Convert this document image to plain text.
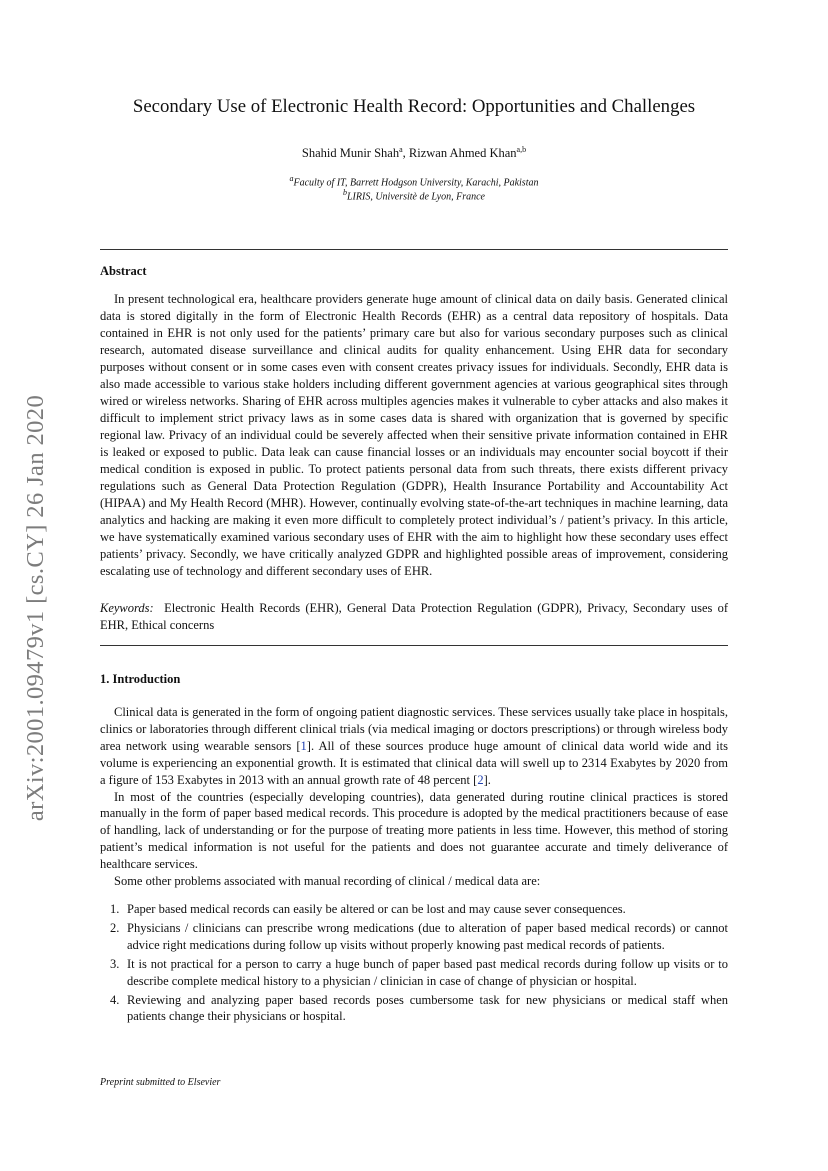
arXiv:2001.09479v1 [cs.CY] 26 Jan 2020
Secondary Use of Electronic Health Record: Opportunities and Challenges
Shahid Munir Shah$^a$, Rizwan Ahmed Khan$^{a,b}$
$^a$Faculty of IT, Barrett Hodgson University, Karachi, Pakistan
$^b$LIRIS, Universitè de Lyon, France
Abstract

In present technological era, healthcare providers generate huge amount of clinical data on daily basis. Generated clinical data is stored digitally in the form of Electronic Health Records (EHR) as a central data repository of hospitals. Data contained in EHR is not only used for the patients’ primary care but also for various secondary purposes such as clinical research, automated disease surveillance and clinical audits for quality enhancement. Using EHR data for secondary purposes without consent or in some cases even with consent creates privacy issues for individuals. Secondly, EHR data is also made accessible to various stake holders including different government agencies at various geographical sites through wired or wireless networks. Sharing of EHR across multiples agencies makes it vulnerable to cyber attacks and also makes it difficult to implement strict privacy laws as in some cases data is shared with organization that is governed by specific regional law. Privacy of an individual could be severely affected when their sensitive private information contained in EHR is leaked or exposed to public. Data leak can cause financial losses or an individuals may encounter social boycott if their medical condition is exposed in public. To protect patients personal data from such threats, there exists different privacy regulations such as General Data Protection Regulation (GDPR), Health Insurance Portability and Accountability Act (HIPAA) and My Health Record (MHR). However, continually evolving state-of-the-art techniques in machine learning, data analytics and hacking are making it even more difficult to completely protect individual’s / patient’s privacy. In this article, we have systematically examined various secondary uses of EHR with the aim to highlight how these secondary uses effect patients’ privacy. Secondly, we have critically analyzed GDPR and highlighted possible areas of improvement, considering escalating use of technology and different secondary uses of EHR.

Keywords: Electronic Health Records (EHR), General Data Protection Regulation (GDPR), Privacy, Secondary uses of EHR, Ethical concerns

1. Introduction

Clinical data is generated in the form of ongoing patient diagnostic services. These services usually take place in hospitals, clinics or laboratories through different clinical trials (via medical imaging or doctors prescriptions) or through wireless body area network using wearable sensors [1]. All of these sources produce huge amount of clinical data world wide and its volume is experiencing an exponential growth. It is estimated that clinical data will swell up to 2314 Exabytes by 2020 from a figure of 153 Exabytes in 2013 with an annual growth rate of 48 percent [2].

In most of the countries (especially developing countries), data generated during routine clinical practices is stored manually in the form of paper based medical records. This procedure is adopted by the medical practitioners because of ease of handling, lack of understanding or for the purpose of treating more patients in less time. However, this method of storing patient’s medical information is not useful for the patients and does not guarantee accurate and timely deliverance of healthcare services.

Some other problems associated with manual recording of clinical / medical data are:

1. Paper based medical records can easily be altered or can be lost and may cause sever consequences.
2. Physicians / clinicians can prescribe wrong medications (due to alteration of paper based medical records) or cannot advice right medications during follow up visits without properly knowing past medical records of patients.
3. It is not practical for a person to carry a huge bunch of paper based past medical records during follow up visits or to describe complete medical history to a physician / clinician in case of change of physician or hospital.
4. Reviewing and analyzing paper based records poses cumbersome task for new physicians or medical staff when patients change their physicians or hospital.
Preprint submitted to Elsevier
